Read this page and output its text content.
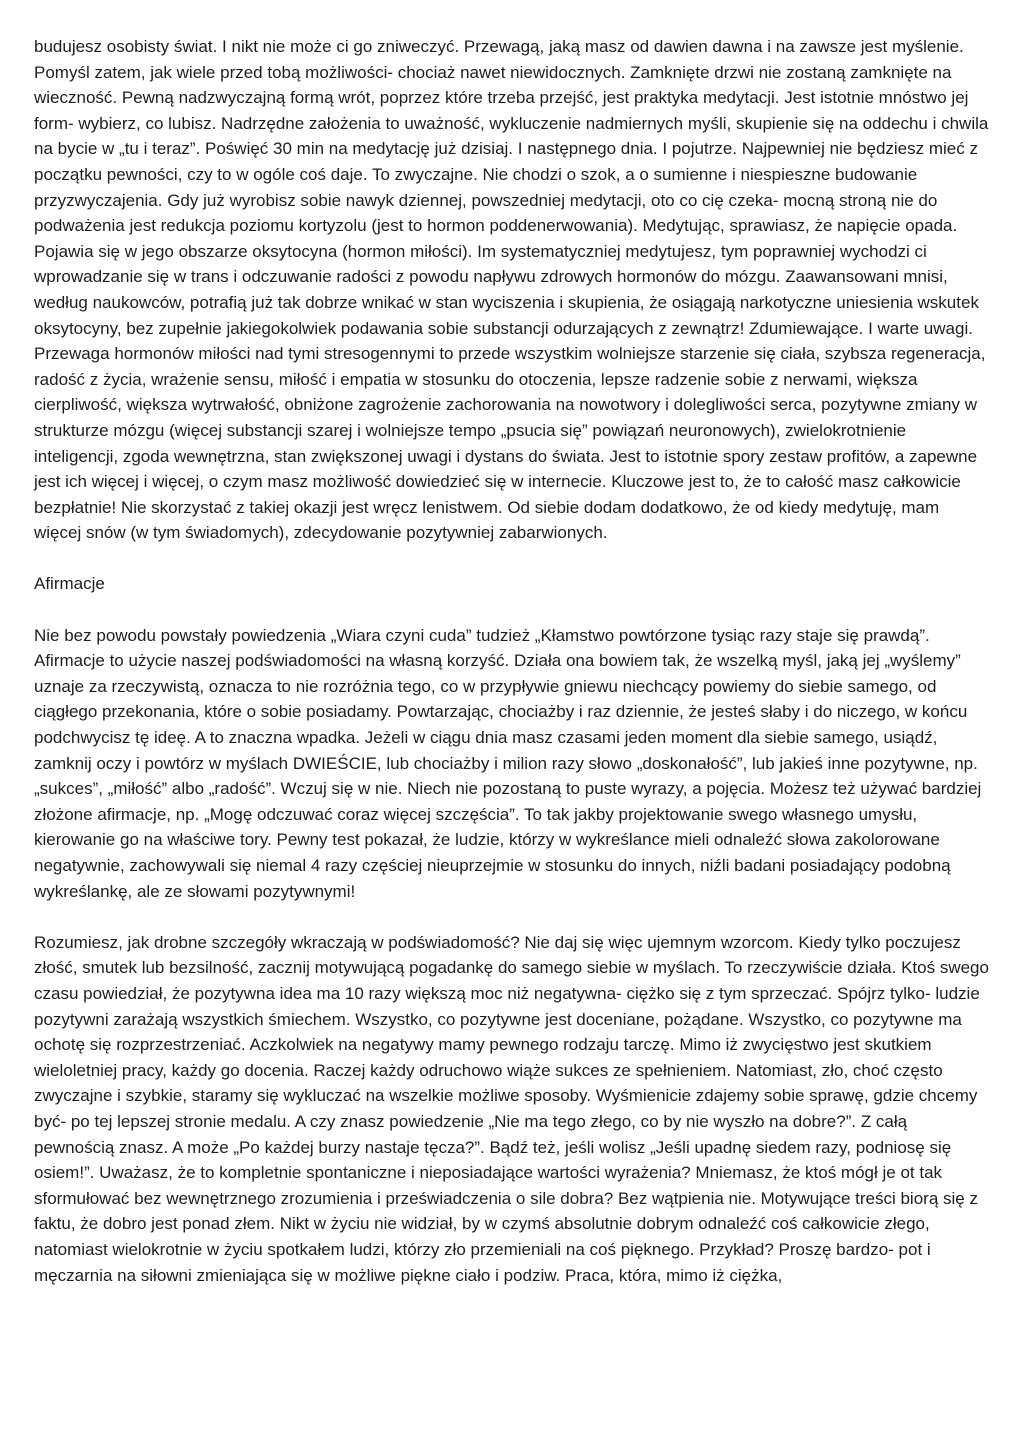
budujesz osobisty świat. I nikt nie może ci go zniweczyć. Przewagą, jaką masz od dawien dawna i na zawsze jest myślenie. Pomyśl zatem, jak wiele przed tobą możliwości- chociaż nawet niewidocznych. Zamknięte drzwi nie zostaną zamknięte na wieczność. Pewną nadzwyczajną formą wrót, poprzez które trzeba przejść, jest praktyka medytacji. Jest istotnie mnóstwo jej form- wybierz, co lubisz. Nadrzędne założenia to uważność, wykluczenie nadmiernych myśli, skupienie się na oddechu i chwila na bycie w „tu i teraz”. Poświęć 30 min na medytację już dzisiaj. I następnego dnia. I pojutrze. Najpewniej nie będziesz mieć z początku pewności, czy to w ogóle coś daje. To zwyczajne. Nie chodzi o szok, a o sumienne i niespieszne budowanie przyzwyczajenia. Gdy już wyrobisz sobie nawyk dziennej, powszedniej medytacji, oto co cię czeka- mocną stroną nie do podważenia jest redukcja poziomu kortyzolu (jest to hormon poddenerwowania). Medytując, sprawiasz, że napięcie opada. Pojawia się w jego obszarze oksytocyna (hormon miłości). Im systematyczniej medytujesz, tym poprawniej wychodzi ci wprowadzanie się w trans i odczuwanie radości z powodu napływu zdrowych hormonów do mózgu. Zaawansowani mnisi, według naukowców, potrafią już tak dobrze wnikać w stan wyciszenia i skupienia, że osiągają narkotyczne uniesienia wskutek oksytocyny, bez zupełnie jakiegokolwiek podawania sobie substancji odurzających z zewnątrz! Zdumiewające. I warte uwagi. Przewaga hormonów miłości nad tymi stresogennymi to przede wszystkim wolniejsze starzenie się ciała, szybsza regeneracja, radość z życia, wrażenie sensu, miłość i empatia w stosunku do otoczenia, lepsze radzenie sobie z nerwami, większa cierpliwość, większa wytrwałość, obniżone zagrożenie zachorowania na nowotwory i dolegliwości serca, pozytywne zmiany w strukturze mózgu (więcej substancji szarej i wolniejsze tempo „psucia się” powiązań neuronowych), zwielokrotnienie inteligencji, zgoda wewnętrzna, stan zwiększonej uwagi i dystans do świata. Jest to istotnie spory zestaw profitów, a zapewne jest ich więcej i więcej, o czym masz możliwość dowiedzieć się w internecie. Kluczowe jest to, że to całość masz całkowicie bezpłatnie! Nie skorzystać z takiej okazji jest wręcz lenistwem. Od siebie dodam dodatkowo, że od kiedy medytuję, mam więcej snów (w tym świadomych), zdecydowanie pozytywniej zabarwionych.

Afirmacje

Nie bez powodu powstały powiedzenia „Wiara czyni cuda” tudzież „Kłamstwo powtórzone tysiąc razy staje się prawdą”. Afirmacje to użycie naszej podświadomości na własną korzyść. Działa ona bowiem tak, że wszelką myśl, jaką jej „wyślemy” uznaje za rzeczywistą, oznacza to nie rozróżnia tego, co w przypływie gniewu niechcący powiemy do siebie samego, od ciągłego przekonania, które o sobie posiadamy. Powtarzając, chociażby i raz dziennie, że jesteś słaby i do niczego, w końcu podchwycisz tę ideę. A to znaczna wpadka. Jeżeli w ciągu dnia masz czasami jeden moment dla siebie samego, usiądź, zamknij oczy i powtórz w myślach DWIEŚCIE, lub chociażby i milion razy słowo „doskonałość”, lub jakieś inne pozytywne, np. „sukces”, „miłość” albo „radość”. Wczuj się w nie. Niech nie pozostaną to puste wyrazy, a pojęcia. Możesz też używać bardziej złożone afirmacje, np. „Mogę odczuwać coraz więcej szczęścia”. To tak jakby projektowanie swego własnego umysłu, kierowanie go na właściwe tory. Pewny test pokazał, że ludzie, którzy w wykreślance mieli odnaleźć słowa zakolorowane negatywnie, zachowywali się niemal 4 razy częściej nieuprzejmie w stosunku do innych, niźli badani posiadający podobną wykreślankę, ale ze słowami pozytywnymi!

Rozumiesz, jak drobne szczegóły wkraczają w podświadomość? Nie daj się więc ujemnym wzorcom. Kiedy tylko poczujesz złość, smutek lub bezsilność, zacznij motywującą pogadankę do samego siebie w myślach. To rzeczywiście działa. Ktoś swego czasu powiedział, że pozytywna idea ma 10 razy większą moc niż negatywna- ciężko się z tym sprzeczać. Spójrz tylko- ludzie pozytywni zarażają wszystkich śmiechem. Wszystko, co pozytywne jest doceniane, pożądane. Wszystko, co pozytywne ma ochotę się rozprzestrzeniać. Aczkolwiek na negatywy mamy pewnego rodzaju tarczę. Mimo iż zwycięstwo jest skutkiem wieloletniej pracy, każdy go docenia. Raczej każdy odruchowo wiąże sukces ze spełnieniem. Natomiast, zło, choć często zwyczajne i szybkie, staramy się wykluczać na wszelkie możliwe sposoby. Wyśmienicie zdajemy sobie sprawę, gdzie chcemy być- po tej lepszej stronie medalu. A czy znasz powiedzenie „Nie ma tego złego, co by nie wyszło na dobre?”. Z całą pewnością znasz. A może „Po każdej burzy nastaje tęcza?”. Bądź też, jeśli wolisz „Jeśli upadnę siedem razy, podniosę się osiem!”. Uważasz, że to kompletnie spontaniczne i nieposiadające wartości wyrażenia? Mniemasz, że ktoś mógł je ot tak sformułować bez wewnętrznego zrozumienia i przeświadczenia o sile dobra? Bez wątpienia nie. Motywujące treści biorą się z faktu, że dobro jest ponad złem. Nikt w życiu nie widział, by w czymś absolutnie dobrym odnaleźć coś całkowicie złego, natomiast wielokrotnie w życiu spotkałem ludzi, którzy zło przemieniali na coś pięknego. Przykład? Proszę bardzo- pot i męczarnia na siłowni zmieniająca się w możliwe piękne ciało i podziw. Praca, która, mimo iż ciężka,
